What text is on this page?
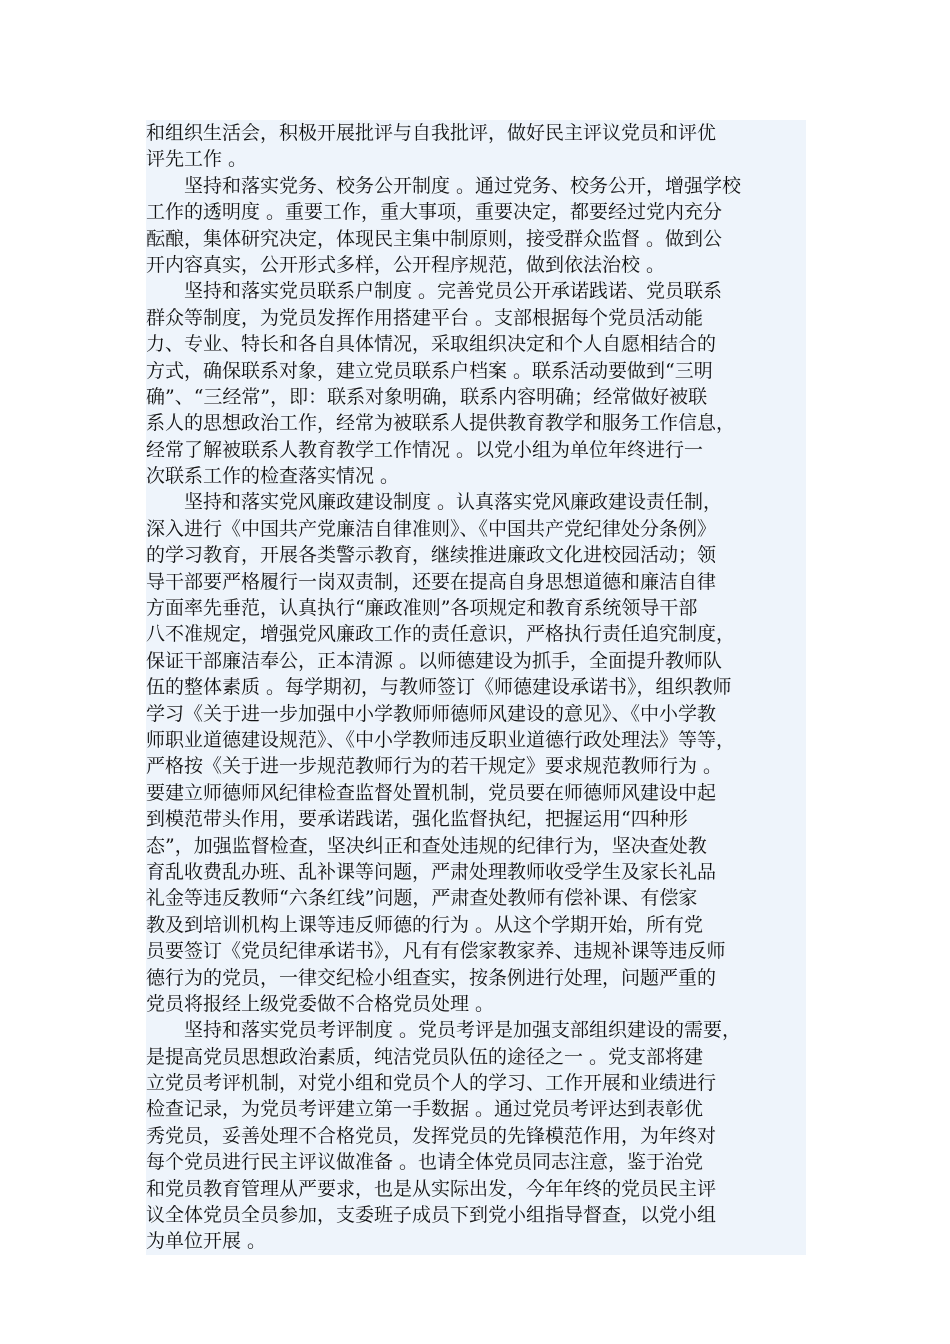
和组织生活会，积极开展批评与自我批评，做好民主评议党员和评优
评先工作 。
坚持和落实党务、校务公开制度 。通过党务、校务公开，增强学校
工作的透明度 。重要工作，重大事项，重要决定，都要经过党内充分
酝酿，集体研究决定，体现民主集中制原则，接受群众监督 。做到公
开内容真实，公开形式多样，公开程序规范，做到依法治校 。
坚持和落实党员联系户制度 。完善党员公开承诺践诺、党员联系
群众等制度，为党员发挥作用搭建平台 。支部根据每个党员活动能
力、专业、特长和各自具体情况，采取组织决定和个人自愿相结合的
方式，确保联系对象，建立党员联系户档案 。联系活动要做到“三明
确”、“三经常”，即：联系对象明确，联系内容明确；经常做好被联
系人的思想政治工作，经常为被联系人提供教育教学和服务工作信息，
经常了解被联系人教育教学工作情况 。以党小组为单位年终进行一
次联系工作的检查落实情况 。
坚持和落实党风廉政建设制度 。认真落实党风廉政建设责任制，
深入进行《中国共产党廉洁自律准则》、《中国共产党纪律处分条例》
的学习教育，开展各类警示教育，继续推进廉政文化进校园活动；领
导干部要严格履行一岗双责制，还要在提高自身思想道德和廉洁自律
方面率先垂范，认真执行“廉政准则”各项规定和教育系统领导干部
八不准规定，增强党风廉政工作的责任意识，严格执行责任追究制度，
保证干部廉洁奉公，正本清源 。以师德建设为抓手，全面提升教师队
伍的整体素质 。每学期初，与教师签订《师德建设承诺书》，组织教师
学习《关于进一步加强中小学教师师德师风建设的意见》、《中小学教
师职业道德建设规范》、《中小学教师违反职业道德行政处理法》等等，
严格按《关于进一步规范教师行为的若干规定》要求规范教师行为 。
要建立师德师风纪律检查监督处置机制，党员要在师德师风建设中起
到模范带头作用，要承诺践诺，强化监督执纪，把握运用“四种形
态”，加强监督检查，坚决纠正和查处违规的纪律行为，坚决查处教
育乱收费乱办班、乱补课等问题，严肃处理教师收受学生及家长礼品
礼金等违反教师“六条红线”问题，严肃查处教师有偿补课、有偿家
教及到培训机构上课等违反师德的行为 。从这个学期开始，所有党
员要签订《党员纪律承诺书》，凡有有偿家教家养、违规补课等违反师
德行为的党员，一律交纪检小组查实，按条例进行处理，问题严重的
党员将报经上级党委做不合格党员处理 。
坚持和落实党员考评制度 。党员考评是加强支部组织建设的需要，
是提高党员思想政治素质，纯洁党员队伍的途径之一 。党支部将建
立党员考评机制，对党小组和党员个人的学习、工作开展和业绩进行
检查记录，为党员考评建立第一手数据 。通过党员考评达到表彰优
秀党员，妥善处理不合格党员，发挥党员的先锋模范作用，为年终对
每个党员进行民主评议做准备 。也请全体党员同志注意，鉴于治党
和党员教育管理从严要求，也是从实际出发，今年年终的党员民主评
议全体党员全员参加，支委班子成员下到党小组指导督查，以党小组
为单位开展 。
